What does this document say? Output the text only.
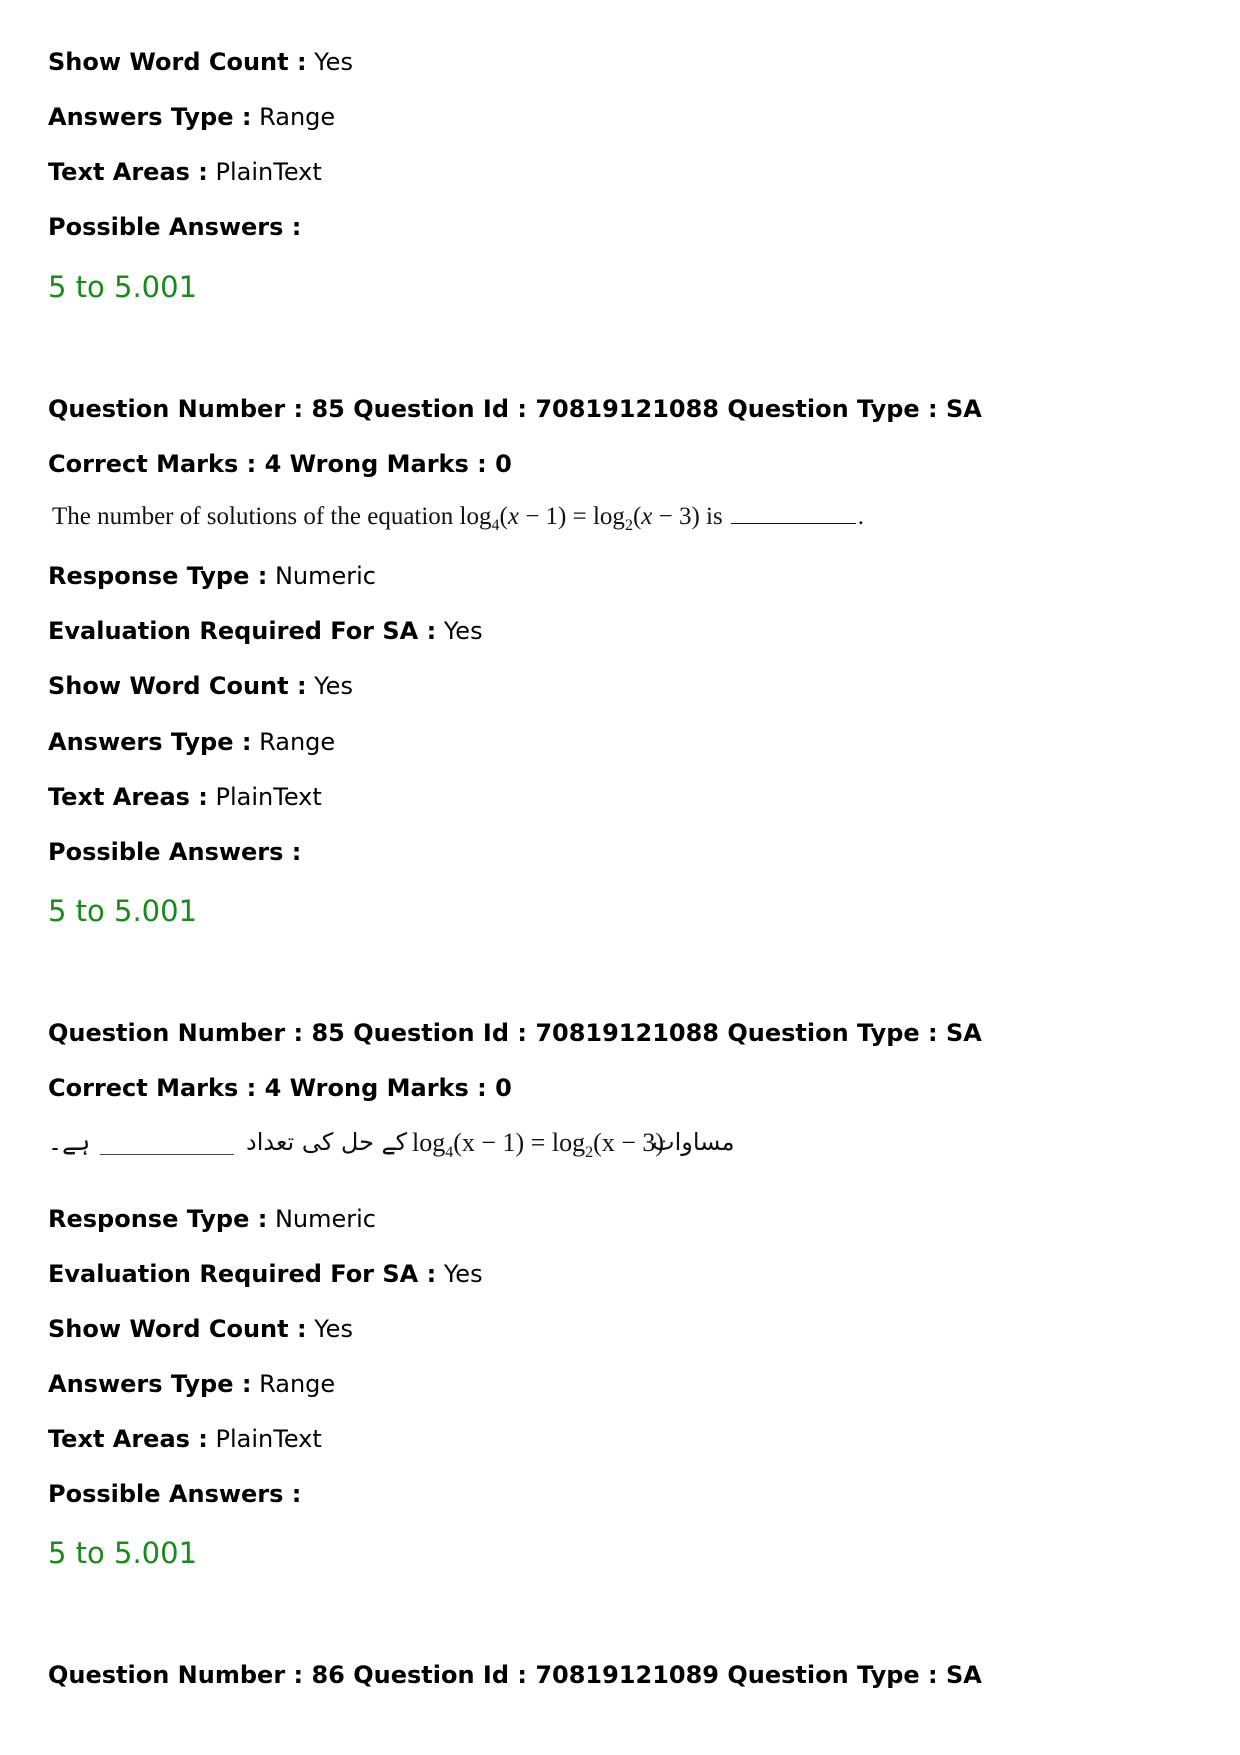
Show Word Count : Yes
Answers Type : Range
Text Areas : PlainText
Possible Answers :
5 to 5.001
Question Number : 85 Question Id : 70819121088 Question Type : SA
Correct Marks : 4 Wrong Marks : 0
The number of solutions of the equation $\log_4(x - 1) = \log_2(x - 3)$ is	.
Response Type : Numeric
Evaluation Required For SA : Yes
Show Word Count : Yes
Answers Type : Range
Text Areas : PlainText
Possible Answers :
5 to 5.001
Question Number : 85 Question Id : 70819121088 Question Type : SA
Correct Marks : 4 Wrong Marks : 0
ہے۔	کے حل کی تعداد $\log_4(x - 1) = \log_2(x - 3)$
مساوات
Response Type : Numeric
Evaluation Required For SA : Yes
Show Word Count : Yes
Answers Type : Range
Text Areas : PlainText
Possible Answers :
5 to 5.001
Question Number : 86 Question Id : 70819121089 Question Type : SA
